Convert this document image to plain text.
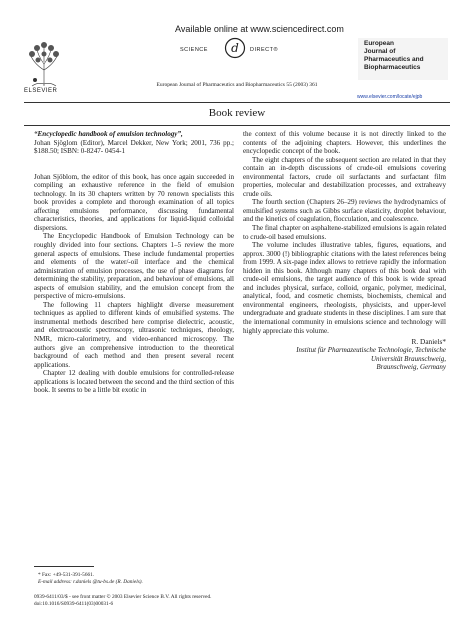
ELSEVIER
Available online at www.sciencedirect.com
SCIENCE d DIRECT®
European Journal of Pharmaceutics and Biopharmaceutics 55 (2003) 361
European
Journal of
Pharmaceutics and
Biopharmaceutics
www.elsevier.com/locate/ejpb
Book review

“Encyclopedic handbook of emulsion technology”,

Johan Sjöglom (Editor), Marcel Dekker, New York; 2001, 736 pp.; $188.50; ISBN: 0-8247- 0454-1

Johan Sjöblom, the editor of this book, has once again succeeded in compiling an exhaustive reference in the field of emulsion technology. In its 30 chapters written by 70 renown specialists this book provides a complete and thorough examination of all topics affecting emulsions performance, discussing fundamental characteristics, theories, and applications for liquid-liquid colloidal dispersions.

The Encyclopedic Handbook of Emulsion Technology can be roughly divided into four sections. Chapters 1–5 review the more general aspects of emulsions. These include fundamental properties and elements of the water/-oil interface and the chemical administration of emulsion processes, the use of phase diagrams for determining the stability, preparation, and behaviour of emulsions, all aspects of emulsion stability, and the emulsion concept from the perspective of micro-emulsions.

The following 11 chapters highlight diverse measurement techniques as applied to different kinds of emulsified systems. The instrumental methods described here comprise dielectric, acoustic, and electroacoustic spectroscopy, ultrasonic techniques, rheology, NMR, micro-calorimetry, and video-enhanced microscopy. The authors give an comprehensive introduction to the theoretical background of each method and then present several recent applications.

Chapter 12 dealing with double emulsions for controlled-release applications is located between the second and the third section of this book. It seems to be a little bit exotic in

the context of this volume because it is not directly linked to the contents of the adjoining chapters. However, this underlines the encyclopedic concept of the book.

The eight chapters of the subsequent section are related in that they contain an in-depth discussions of crude-oil emulsions covering environmental factors, crude oil surfactants and surfactant film properties, molecular and destabilization processes, and extraheavy crude oils.

The fourth section (Chapters 26–29) reviews the hydrodynamics of emulsified systems such as Gibbs surface elasticity, droplet behaviour, and the kinetics of coagulation, flocculation, and coalescence.

The final chapter on asphaltene-stabilized emulsions is again related to crude-oil based emulsions.

The volume includes illustrative tables, figures, equations, and approx. 3000 (!) bibliographic citations with the latest references being from 1999. A six-page index allows to retrieve rapidly the information hidden in this book. Although many chapters of this book deal with crude-oil emulsions, the target audience of this book is wide spread and includes physical, surface, colloid, organic, polymer, medicinal, analytical, food, and cosmetic chemists, biochemists, chemical and environmental engineers, rheologists, physicists, and upper-level undergraduate and graduate students in these disciplines. I am sure that the international community in emulsions science and technology will highly appreciate this volume.

R. Daniels*
Institut für Pharmazeutische Technologie, Technische
Universität Braunschweig,
Braunschweig, Germany
* Fax: +49-531-391-5661.
E-mail address: r.daniels @tu-bs.de (R. Daniels).
0939-6411/03/$ - see front matter © 2003 Elsevier Science B.V. All rights reserved.
doi:10.1016/S0939-6411(03)00031-6
